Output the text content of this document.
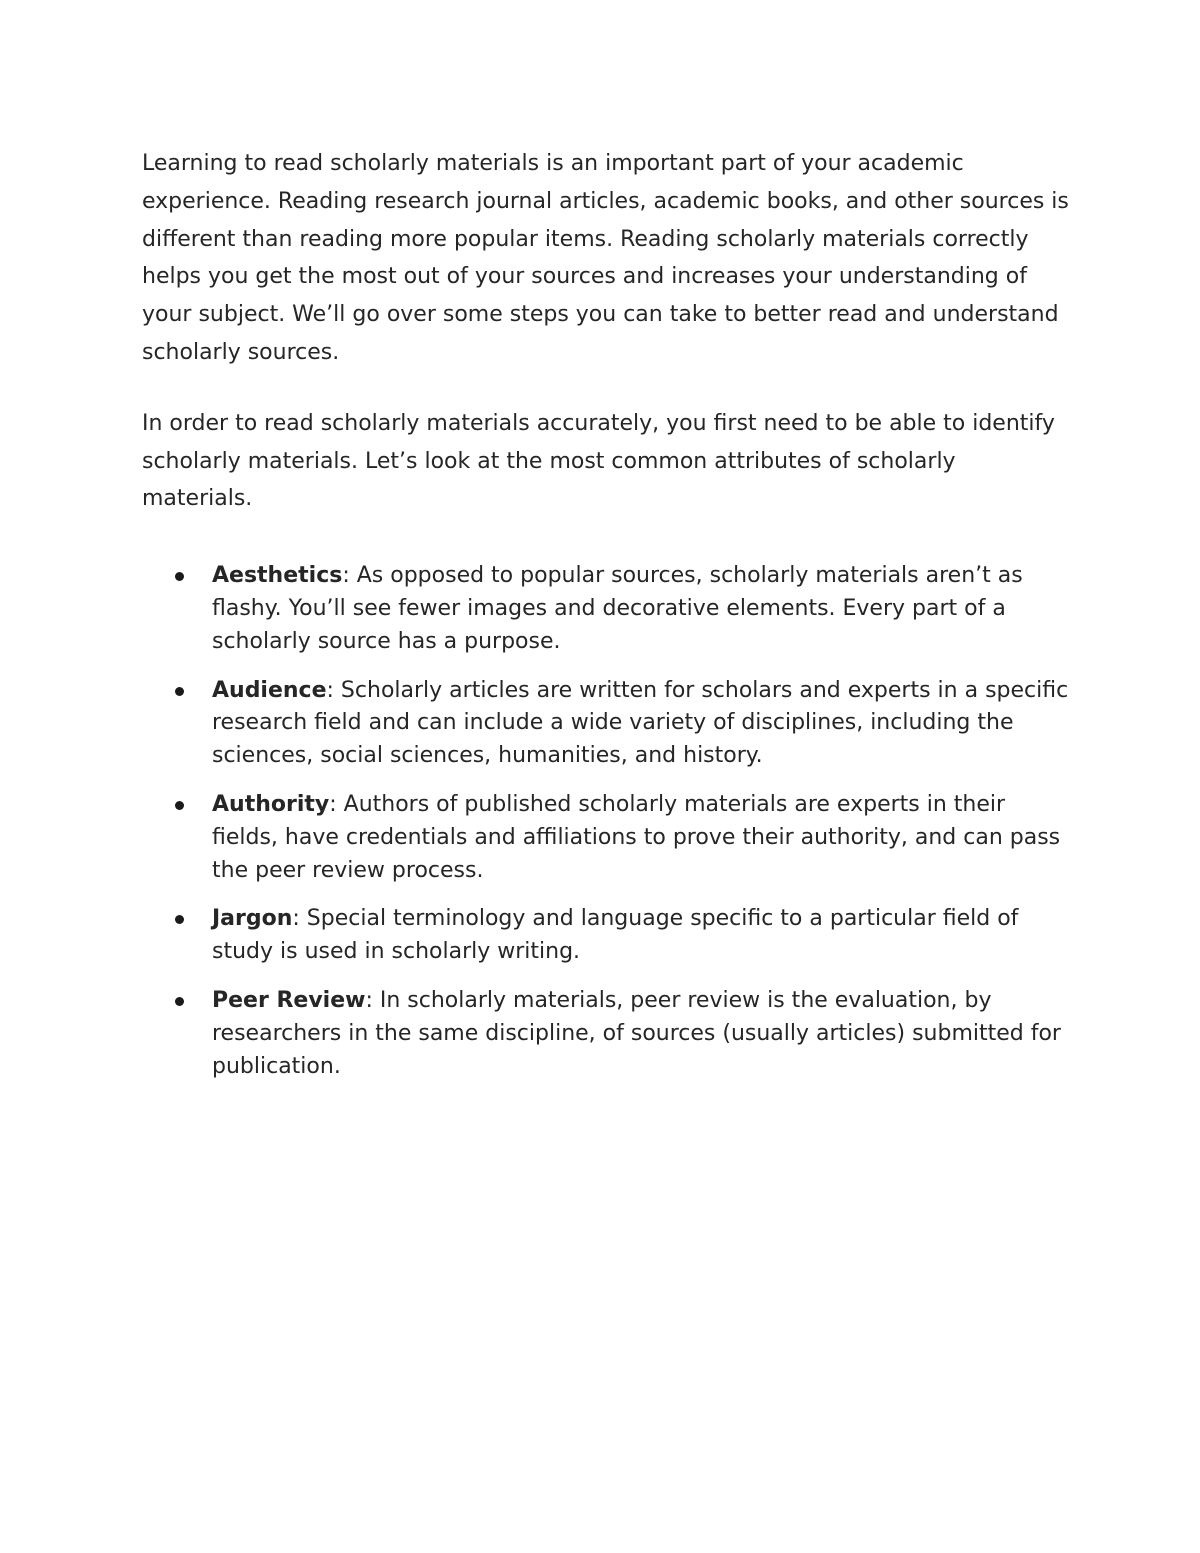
Learning to read scholarly materials is an important part of your academic experience. Reading research journal articles, academic books, and other sources is different than reading more popular items. Reading scholarly materials correctly helps you get the most out of your sources and increases your understanding of your subject. We’ll go over some steps you can take to better read and understand scholarly sources.

In order to read scholarly materials accurately, you first need to be able to identify scholarly materials. Let’s look at the most common attributes of scholarly materials.

Aesthetics: As opposed to popular sources, scholarly materials aren’t as flashy. You’ll see fewer images and decorative elements. Every part of a scholarly source has a purpose.
Audience: Scholarly articles are written for scholars and experts in a specific research field and can include a wide variety of disciplines, including the sciences, social sciences, humanities, and history.
Authority: Authors of published scholarly materials are experts in their fields, have credentials and affiliations to prove their authority, and can pass the peer review process.
Jargon: Special terminology and language specific to a particular field of study is used in scholarly writing.
Peer Review: In scholarly materials, peer review is the evaluation, by researchers in the same discipline, of sources (usually articles) submitted for publication.
